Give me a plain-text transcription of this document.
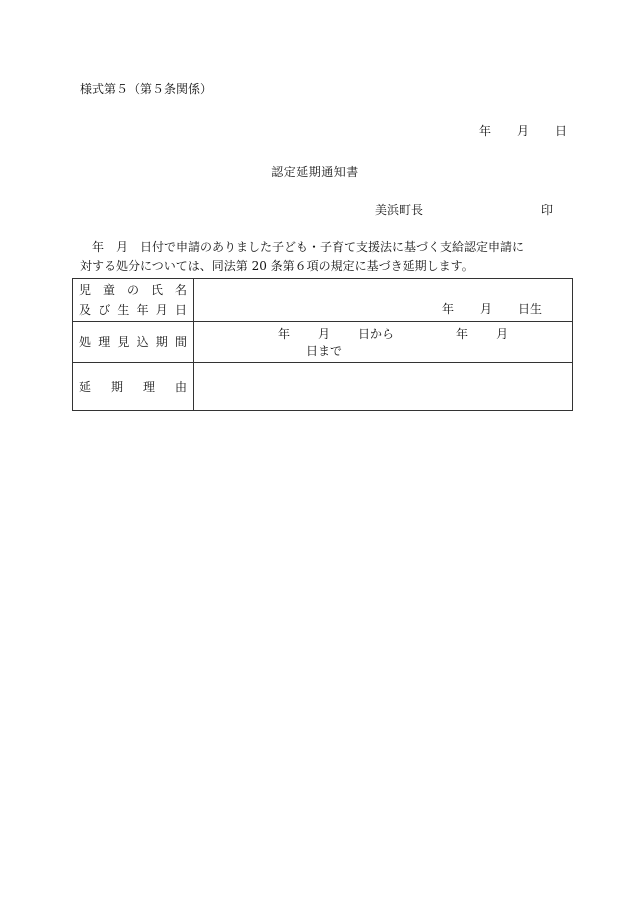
様式第５（第５条関係）
年 月 日
認定延期通知書
美浜町長	印
年　月　日付で申請のありました子ども・子育て支援法に基づく支給認定申請に
対する処分については、同法第 20 条第６項の規定に基づき延期します。
児童の氏名
及び生年月日	年 月 日生

処理見込期間	年 月 日から 年 月日まで

延期理由	
